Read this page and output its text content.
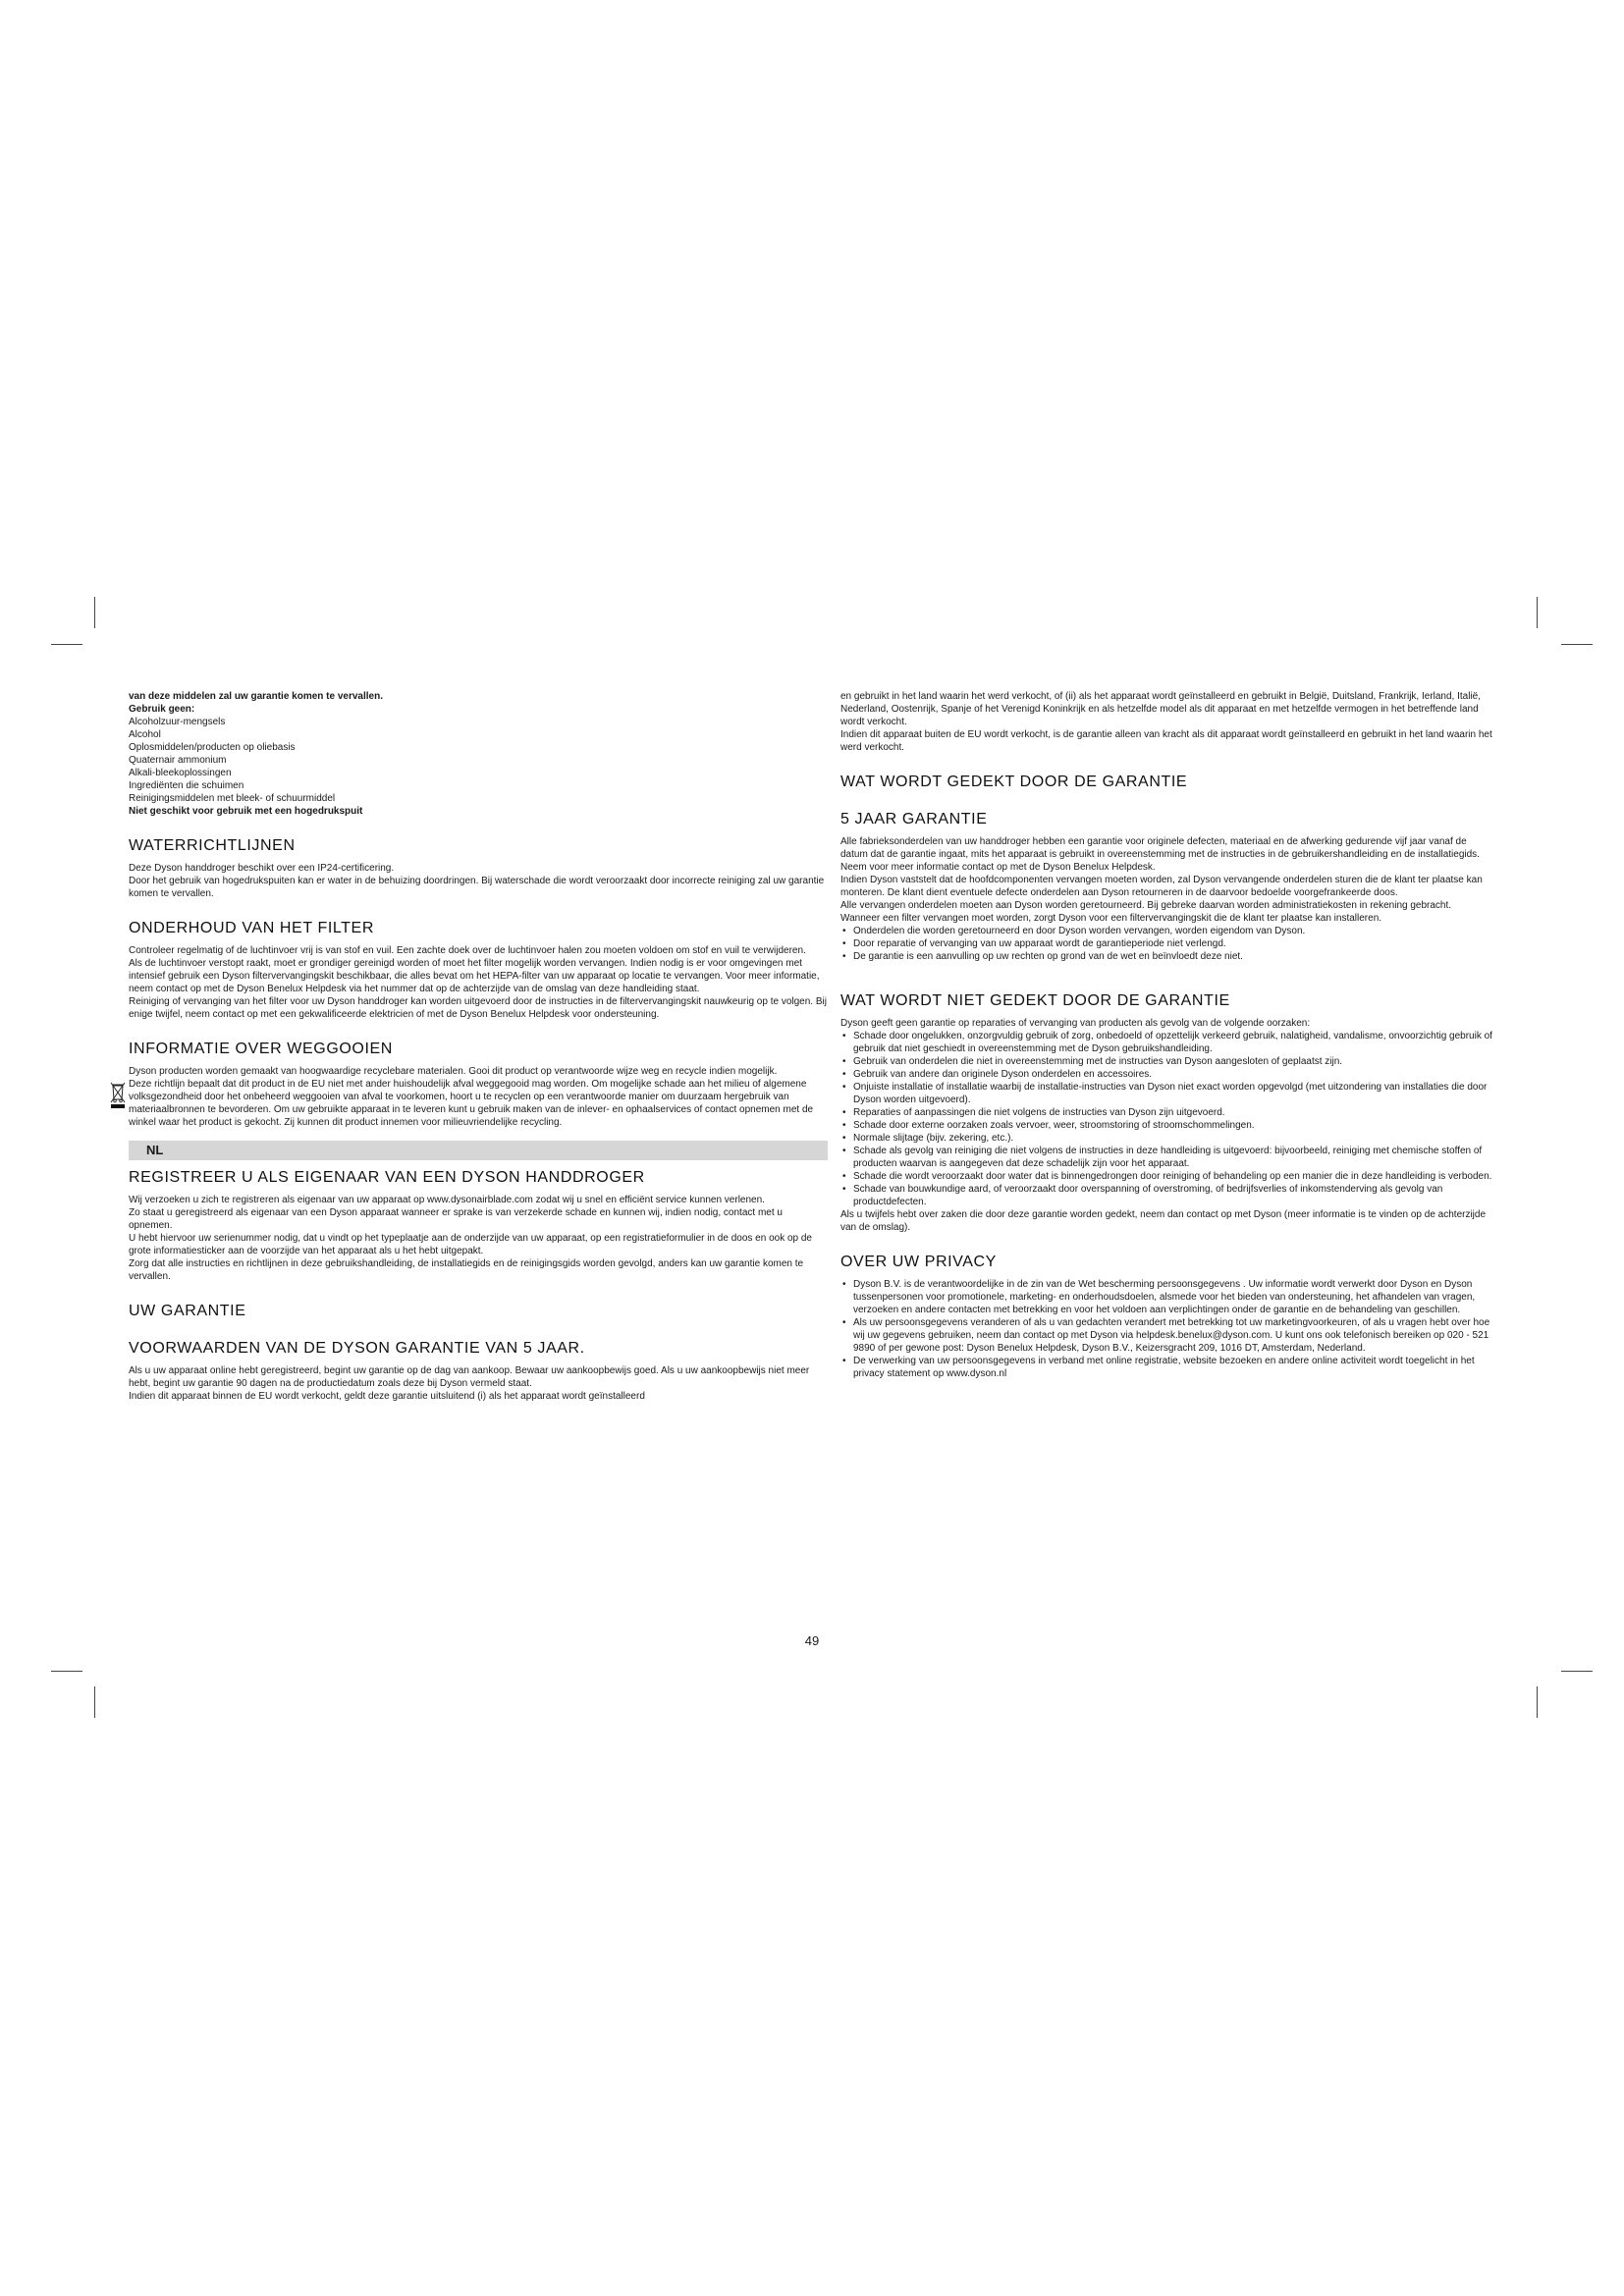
van deze middelen zal uw garantie komen te vervallen.

Gebruik geen:

Alcoholzuur-mengsels

Alcohol

Oplosmiddelen/producten op oliebasis

Quaternair ammonium

Alkali-bleekoplossingen

Ingrediënten die schuimen

Reinigingsmiddelen met bleek- of schuurmiddel

Niet geschikt voor gebruik met een hogedrukspuit

WATERRICHTLIJNEN

Deze Dyson handdroger beschikt over een IP24-certificering.

Door het gebruik van hogedrukspuiten kan er water in de behuizing doordringen. Bij waterschade die wordt veroorzaakt door incorrecte reiniging zal uw garantie komen te vervallen.

ONDERHOUD VAN HET FILTER

Controleer regelmatig of de luchtinvoer vrij is van stof en vuil. Een zachte doek over de luchtinvoer halen zou moeten voldoen om stof en vuil te verwijderen.

Als de luchtinvoer verstopt raakt, moet er grondiger gereinigd worden of moet het filter mogelijk worden vervangen. Indien nodig is er voor omgevingen met intensief gebruik een Dyson filtervervangingskit beschikbaar, die alles bevat om het HEPA-filter van uw apparaat op locatie te vervangen. Voor meer informatie, neem contact op met de Dyson Benelux Helpdesk via het nummer dat op de achterzijde van de omslag van deze handleiding staat.

Reiniging of vervanging van het filter voor uw Dyson handdroger kan worden uitgevoerd door de instructies in de filtervervangingskit nauwkeurig op te volgen. Bij enige twijfel, neem contact op met een gekwalificeerde elektricien of met de Dyson Benelux Helpdesk voor ondersteuning.

INFORMATIE OVER WEGGOOIEN

Dyson producten worden gemaakt van hoogwaardige recyclebare materialen. Gooi dit product op verantwoorde wijze weg en recycle indien mogelijk.

Deze richtlijn bepaalt dat dit product in de EU niet met ander huishoudelijk afval weggegooid mag worden. Om mogelijke schade aan het milieu of algemene volksgezondheid door het onbeheerd weggooien van afval te voorkomen, hoort u te recyclen op een verantwoorde manier om duurzaam hergebruik van materiaalbronnen te bevorderen. Om uw gebruikte apparaat in te leveren kunt u gebruik maken van de inlever- en ophaalservices of contact opnemen met de winkel waar het product is gekocht. Zij kunnen dit product innemen voor milieuvriendelijke recycling.

NL
REGISTREER U ALS EIGENAAR VAN EEN DYSON HANDDROGER

Wij verzoeken u zich te registreren als eigenaar van uw apparaat op www.dysonairblade.com zodat wij u snel en efficiënt service kunnen verlenen.

Zo staat u geregistreerd als eigenaar van een Dyson apparaat wanneer er sprake is van verzekerde schade en kunnen wij, indien nodig, contact met u opnemen.

U hebt hiervoor uw serienummer nodig, dat u vindt op het typeplaatje aan de onderzijde van uw apparaat, op een registratieformulier in de doos en ook op de grote informatiesticker aan de voorzijde van het apparaat als u het hebt uitgepakt.

Zorg dat alle instructies en richtlijnen in deze gebruikshandleiding, de installatiegids en de reinigingsgids worden gevolgd, anders kan uw garantie komen te vervallen.

UW GARANTIE
VOORWAARDEN VAN DE DYSON GARANTIE VAN 5 JAAR.

Als u uw apparaat online hebt geregistreerd, begint uw garantie op de dag van aankoop. Bewaar uw aankoopbewijs goed. Als u uw aankoopbewijs niet meer hebt, begint uw garantie 90 dagen na de productiedatum zoals deze bij Dyson vermeld staat.

Indien dit apparaat binnen de EU wordt verkocht, geldt deze garantie uitsluitend (i) als het apparaat wordt geïnstalleerd

en gebruikt in het land waarin het werd verkocht, of (ii) als het apparaat wordt geïnstalleerd en gebruikt in België, Duitsland, Frankrijk, Ierland, Italië, Nederland, Oostenrijk, Spanje of het Verenigd Koninkrijk en als hetzelfde model als dit apparaat en met hetzelfde vermogen in het betreffende land wordt verkocht.

Indien dit apparaat buiten de EU wordt verkocht, is de garantie alleen van kracht als dit apparaat wordt geïnstalleerd en gebruikt in het land waarin het werd verkocht.

WAT WORDT GEDEKT DOOR DE GARANTIE
5 JAAR GARANTIE

Alle fabrieksonderdelen van uw handdroger hebben een garantie voor originele defecten, materiaal en de afwerking gedurende vijf jaar vanaf de datum dat de garantie ingaat, mits het apparaat is gebruikt in overeenstemming met de instructies in de gebruikershandleiding en de installatiegids. Neem voor meer informatie contact op met de Dyson Benelux Helpdesk.

Indien Dyson vaststelt dat de hoofdcomponenten vervangen moeten worden, zal Dyson vervangende onderdelen sturen die de klant ter plaatse kan monteren. De klant dient eventuele defecte onderdelen aan Dyson retourneren in de daarvoor bedoelde voorgefrankeerde doos.

Alle vervangen onderdelen moeten aan Dyson worden geretourneerd. Bij gebreke daarvan worden administratiekosten in rekening gebracht.

Wanneer een filter vervangen moet worden, zorgt Dyson voor een filtervervangingskit die de klant ter plaatse kan installeren.

• Onderdelen die worden geretourneerd en door Dyson worden vervangen, worden eigendom van Dyson.
• Door reparatie of vervanging van uw apparaat wordt de garantieperiode niet verlengd.
• De garantie is een aanvulling op uw rechten op grond van de wet en beïnvloedt deze niet.
WAT WORDT NIET GEDEKT DOOR DE GARANTIE

Dyson geeft geen garantie op reparaties of vervanging van producten als gevolg van de volgende oorzaken:

• Schade door ongelukken, onzorgvuldig gebruik of zorg, onbedoeld of opzettelijk verkeerd gebruik, nalatigheid, vandalisme, onvoorzichtig gebruik of gebruik dat niet geschiedt in overeenstemming met de Dyson gebruikshandleiding.
• Gebruik van onderdelen die niet in overeenstemming met de instructies van Dyson aangesloten of geplaatst zijn.
• Gebruik van andere dan originele Dyson onderdelen en accessoires.
• Onjuiste installatie of installatie waarbij de installatie-instructies van Dyson niet exact worden opgevolgd (met uitzondering van installaties die door Dyson worden uitgevoerd).
• Reparaties of aanpassingen die niet volgens de instructies van Dyson zijn uitgevoerd.
• Schade door externe oorzaken zoals vervoer, weer, stroomstoring of stroomschommelingen.
• Normale slijtage (bijv. zekering, etc.).
• Schade als gevolg van reiniging die niet volgens de instructies in deze handleiding is uitgevoerd: bijvoorbeeld, reiniging met chemische stoffen of producten waarvan is aangegeven dat deze schadelijk zijn voor het apparaat.
• Schade die wordt veroorzaakt door water dat is binnengedrongen door reiniging of behandeling op een manier die in deze handleiding is verboden.
• Schade van bouwkundige aard, of veroorzaakt door overspanning of overstroming, of bedrijfsverlies of inkomstenderving als gevolg van productdefecten.

Als u twijfels hebt over zaken die door deze garantie worden gedekt, neem dan contact op met Dyson (meer informatie is te vinden op de achterzijde van de omslag).

OVER UW PRIVACY
• Dyson B.V. is de verantwoordelijke in de zin van de Wet bescherming persoonsgegevens . Uw informatie wordt verwerkt door Dyson en Dyson tussenpersonen voor promotionele, marketing- en onderhoudsdoelen, alsmede voor het bieden van ondersteuning, het afhandelen van vragen, verzoeken en andere contacten met betrekking en voor het voldoen aan verplichtingen onder de garantie en de behandeling van geschillen.
• Als uw persoonsgegevens veranderen of als u van gedachten verandert met betrekking tot uw marketingvoorkeuren, of als u vragen hebt over hoe wij uw gegevens gebruiken, neem dan contact op met Dyson via helpdesk.benelux@dyson.com. U kunt ons ook telefonisch bereiken op 020 - 521 9890 of per gewone post: Dyson Benelux Helpdesk, Dyson B.V., Keizersgracht 209, 1016 DT, Amsterdam, Nederland.
• De verwerking van uw persoonsgegevens in verband met online registratie, website bezoeken en andere online activiteit wordt toegelicht in het privacy statement op www.dyson.nl
49
